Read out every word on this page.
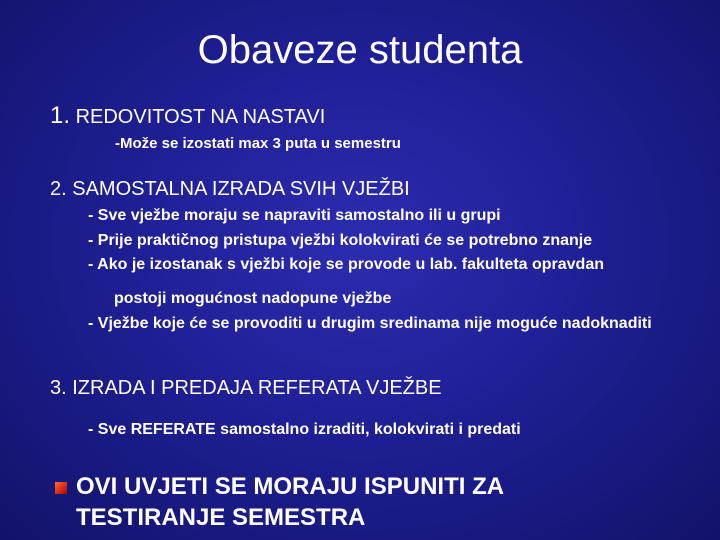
Obaveze studenta
1. REDOVITOST NA NASTAVI
-Može se izostati max 3 puta u semestru
2. SAMOSTALNA IZRADA SVIH VJEŽBI
- Sve vježbe moraju se napraviti samostalno ili u grupi
- Prije praktičnog pristupa vježbi kolokvirati će se potrebno znanje
- Ako je izostanak s vježbi koje se provode u lab. fakulteta opravdan
postoji mogućnost nadopune vježbe
- Vježbe koje će se provoditi u drugim sredinama nije moguće nadoknaditi
3. IZRADA I PREDAJA REFERATA VJEŽBE
- Sve REFERATE samostalno izraditi, kolokvirati i predati
OVI UVJETI SE MORAJU ISPUNITI ZA
TESTIRANJE SEMESTRA
